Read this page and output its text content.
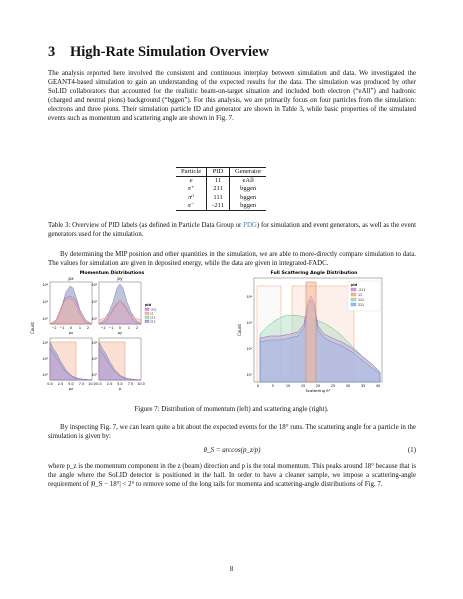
3 High-Rate Simulation Overview
The analysis reported here involved the consistent and continuous interplay between simulation and data. We investigated the GEANT4-based simulation to gain an understanding of the expected results for the data. The simulation was produced by other SoLID collaborators that accounted for the realistic beam-on-target situation and included both electron (“eAll”) and hadronic (charged and neutral pions) background (“bggen”). For this analysis, we are primarily focus on four particles from the simulation: electrons and three pions. Their simulation particle ID and generator are shown in Table 3, while basic properties of the simulated events such as momentum and scattering angle are shown in Fig. 7.
Particle	PID	Generator
e	11	eAll
π⁺	211	bggen
π⁰	111	bggen
π⁻	-211	bggen
Table 3: Overview of PID labels (as defined in Particle Data Group or PDG) for simulation and event generators, as well as the event generators used for the simulation.
By determining the MIP position and other quantities in the simulation, we are able to more-directly compare simulation to data. The values for simulation are given in deposited energy, while the data are given in integrated-FADC.
Momentum Distributions
Count
px
10⁴
10³
10²
−2 −1 0 1 2
px
py
10⁴
10³
10²
−2 −1 0 1 2
py
pid
-211
11
111
211
10⁴
10³
10²
0.0 2.5 5.0 7.5 10.0
pz
10⁴
10³
10²
0.0 2.5 5.0 7.5 10.0
p
Full Scattering Angle Distribution
10⁴
10³
10²
10¹
Count
0	5	10	15	20	25	30	35	40
Scattering θ°
pid
-211
11
111
211
Figure 7: Distribution of momentum (left) and scattering angle (right).
By inspecting Fig. 7, we can learn quite a bit about the expected events for the 18° runs. The scattering angle for a particle in the simulation is given by:
θ_S = arccos(p_z/p)	(1)
where p_z is the momentum component in the z (beam) direction and p is the total momentum. This peaks around 18° because that is the angle where the SoLID detector is positioned in the hall. In order to have a cleaner sample, we impose a scattering-angle requirement of |θ_S − 18°| < 2° to remove some of the long tails for momenta and scattering-angle distributions of Fig. 7.
8
